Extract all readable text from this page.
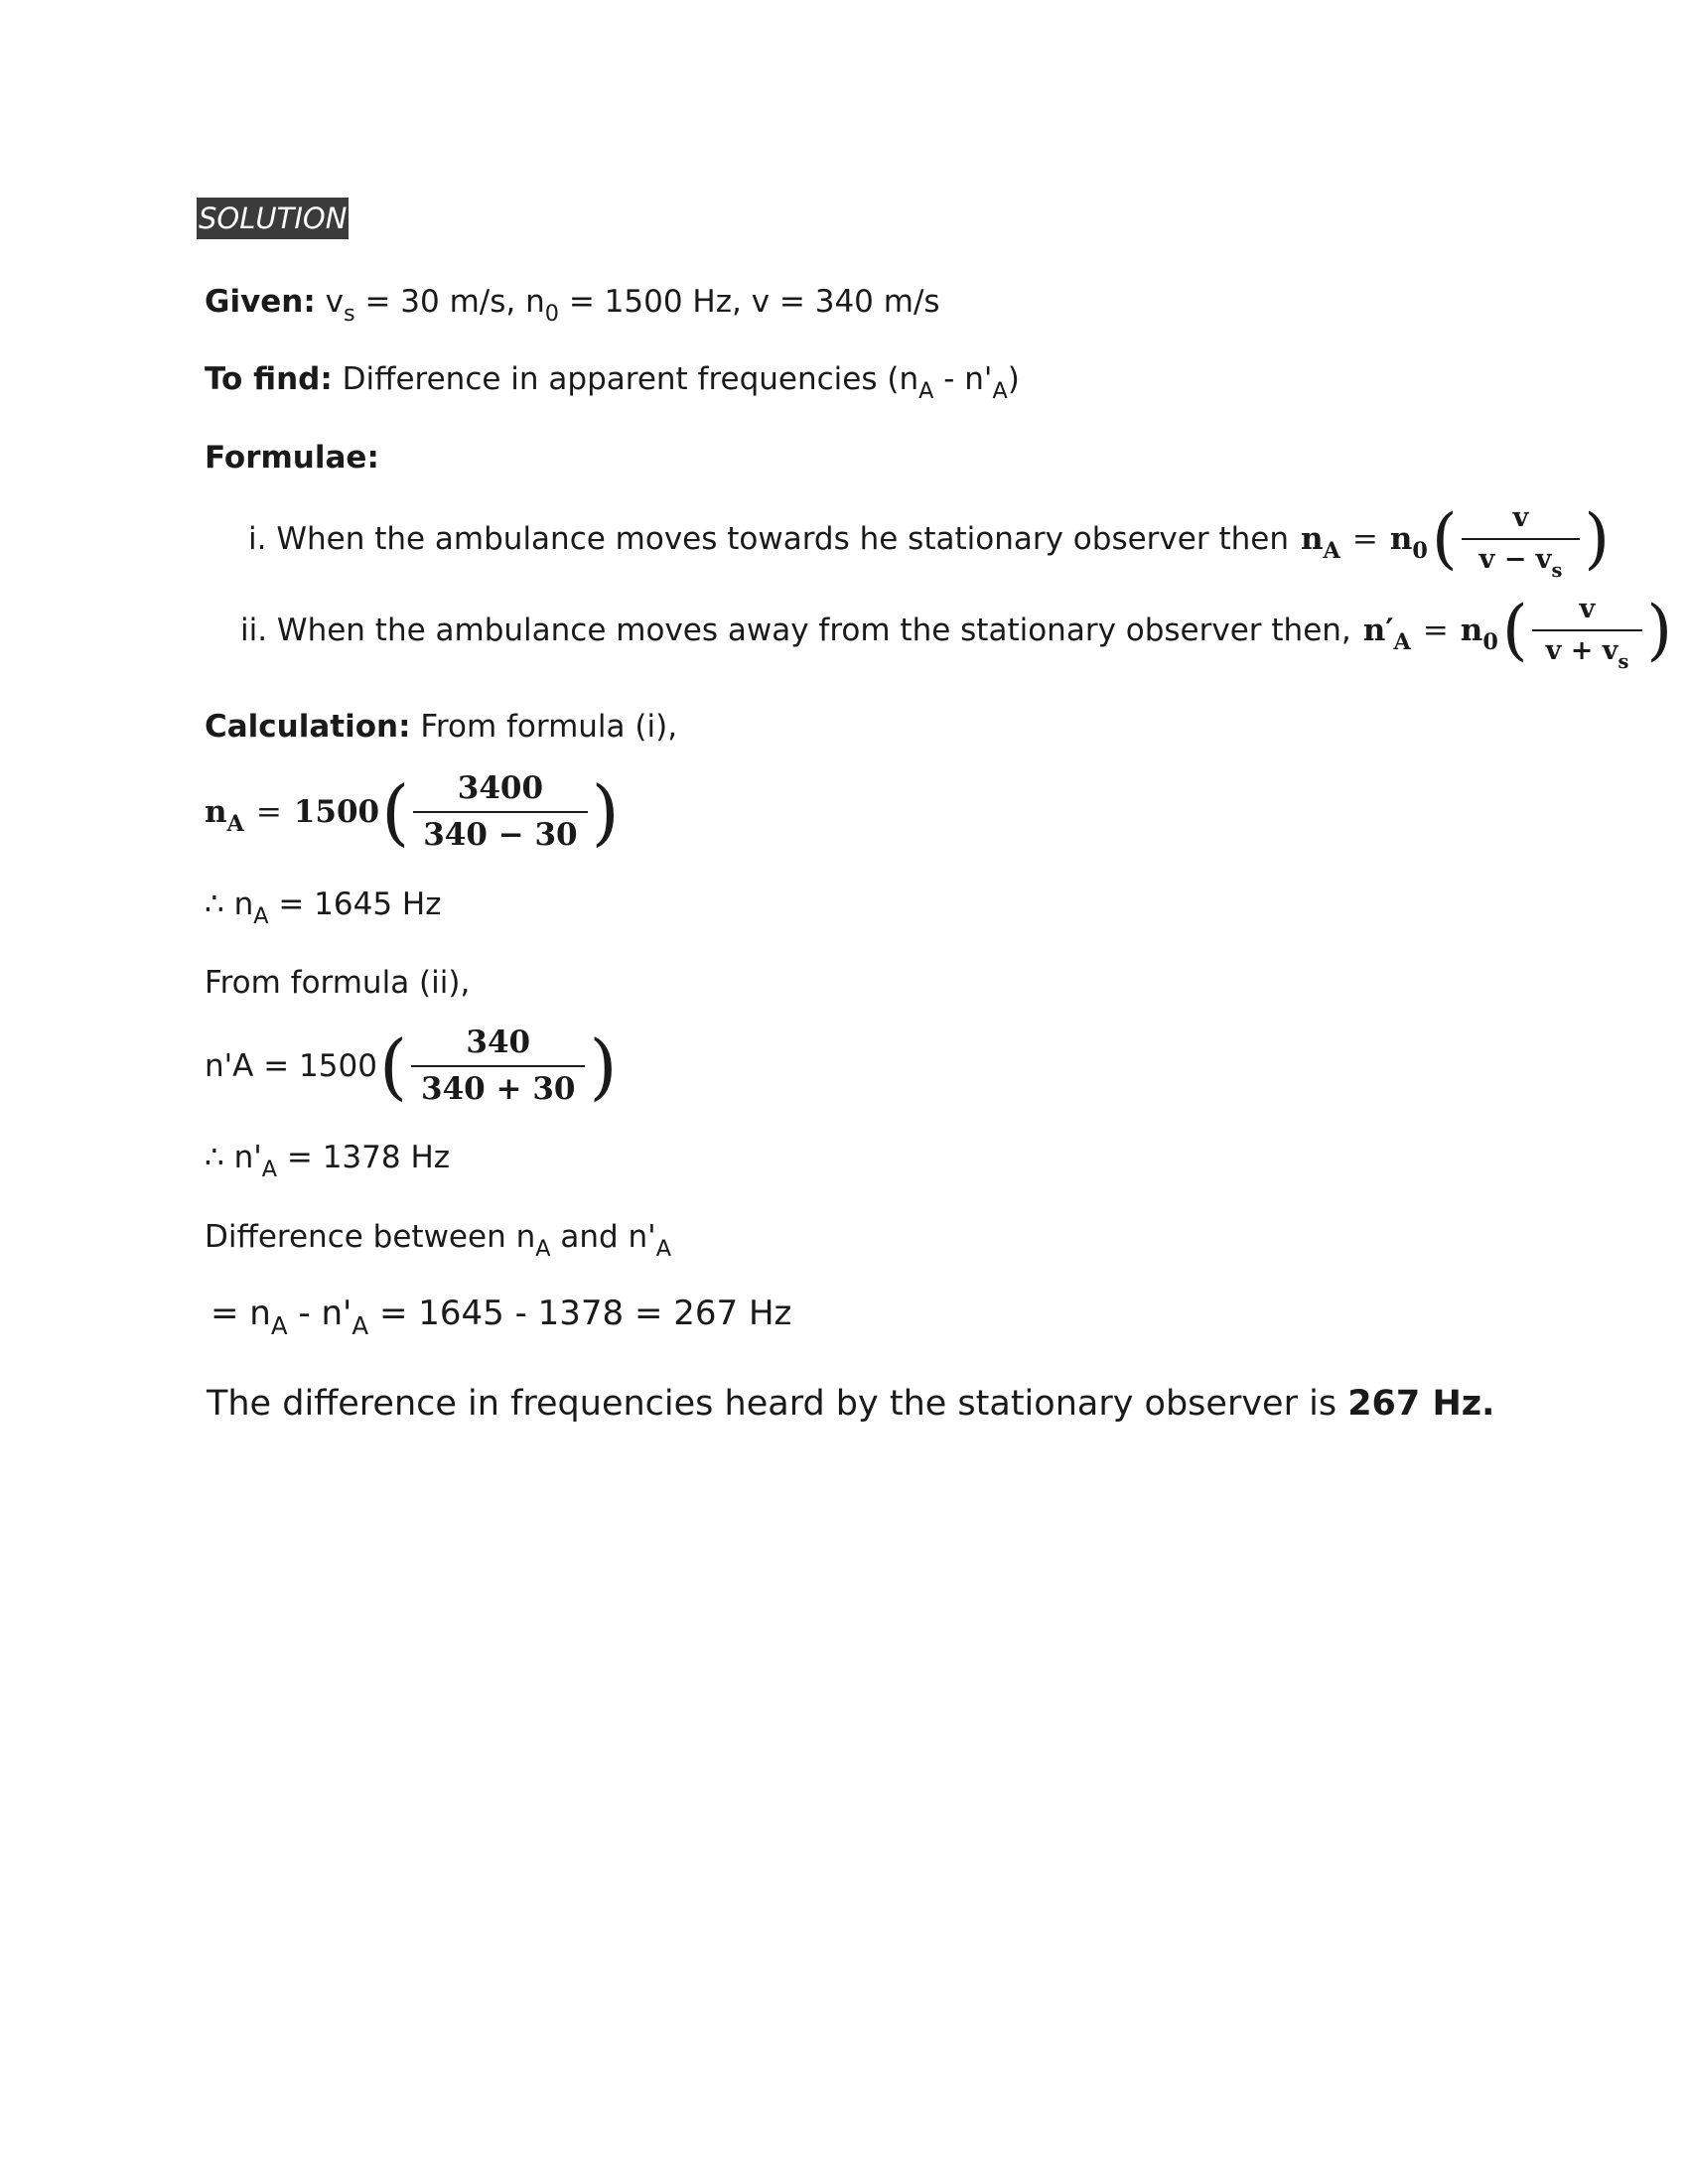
SOLUTION
Given: $v_s = 30$ m/s, $n_0 = 1500$ Hz, v = 340 m/s
To find: Difference in apparent frequencies $(n_A - n'_A)$
Formulae:
i. When the ambulance moves towards he stationary observer then $n_A = n_0$ ( $\frac{v}{v - v_s}$ )
ii. When the ambulance moves away from the stationary observer then, $n'_A = n_0$ ( $\frac{v}{v + v_s}$ )
Calculation: From formula (i),
$n_A = 1500$ ( $\frac{3400}{340 - 30}$ )
∴ $n_A = 1645$ Hz
From formula (ii),
n'A = 1500 ( $\frac{340}{340 + 30}$ )
∴ $n'_A = 1378$ Hz
Difference between $n_A$ and $n'_A$
= $n_A - n'_A = 1645 - 1378 = 267$ Hz
The difference in frequencies heard by the stationary observer is 267 Hz.
